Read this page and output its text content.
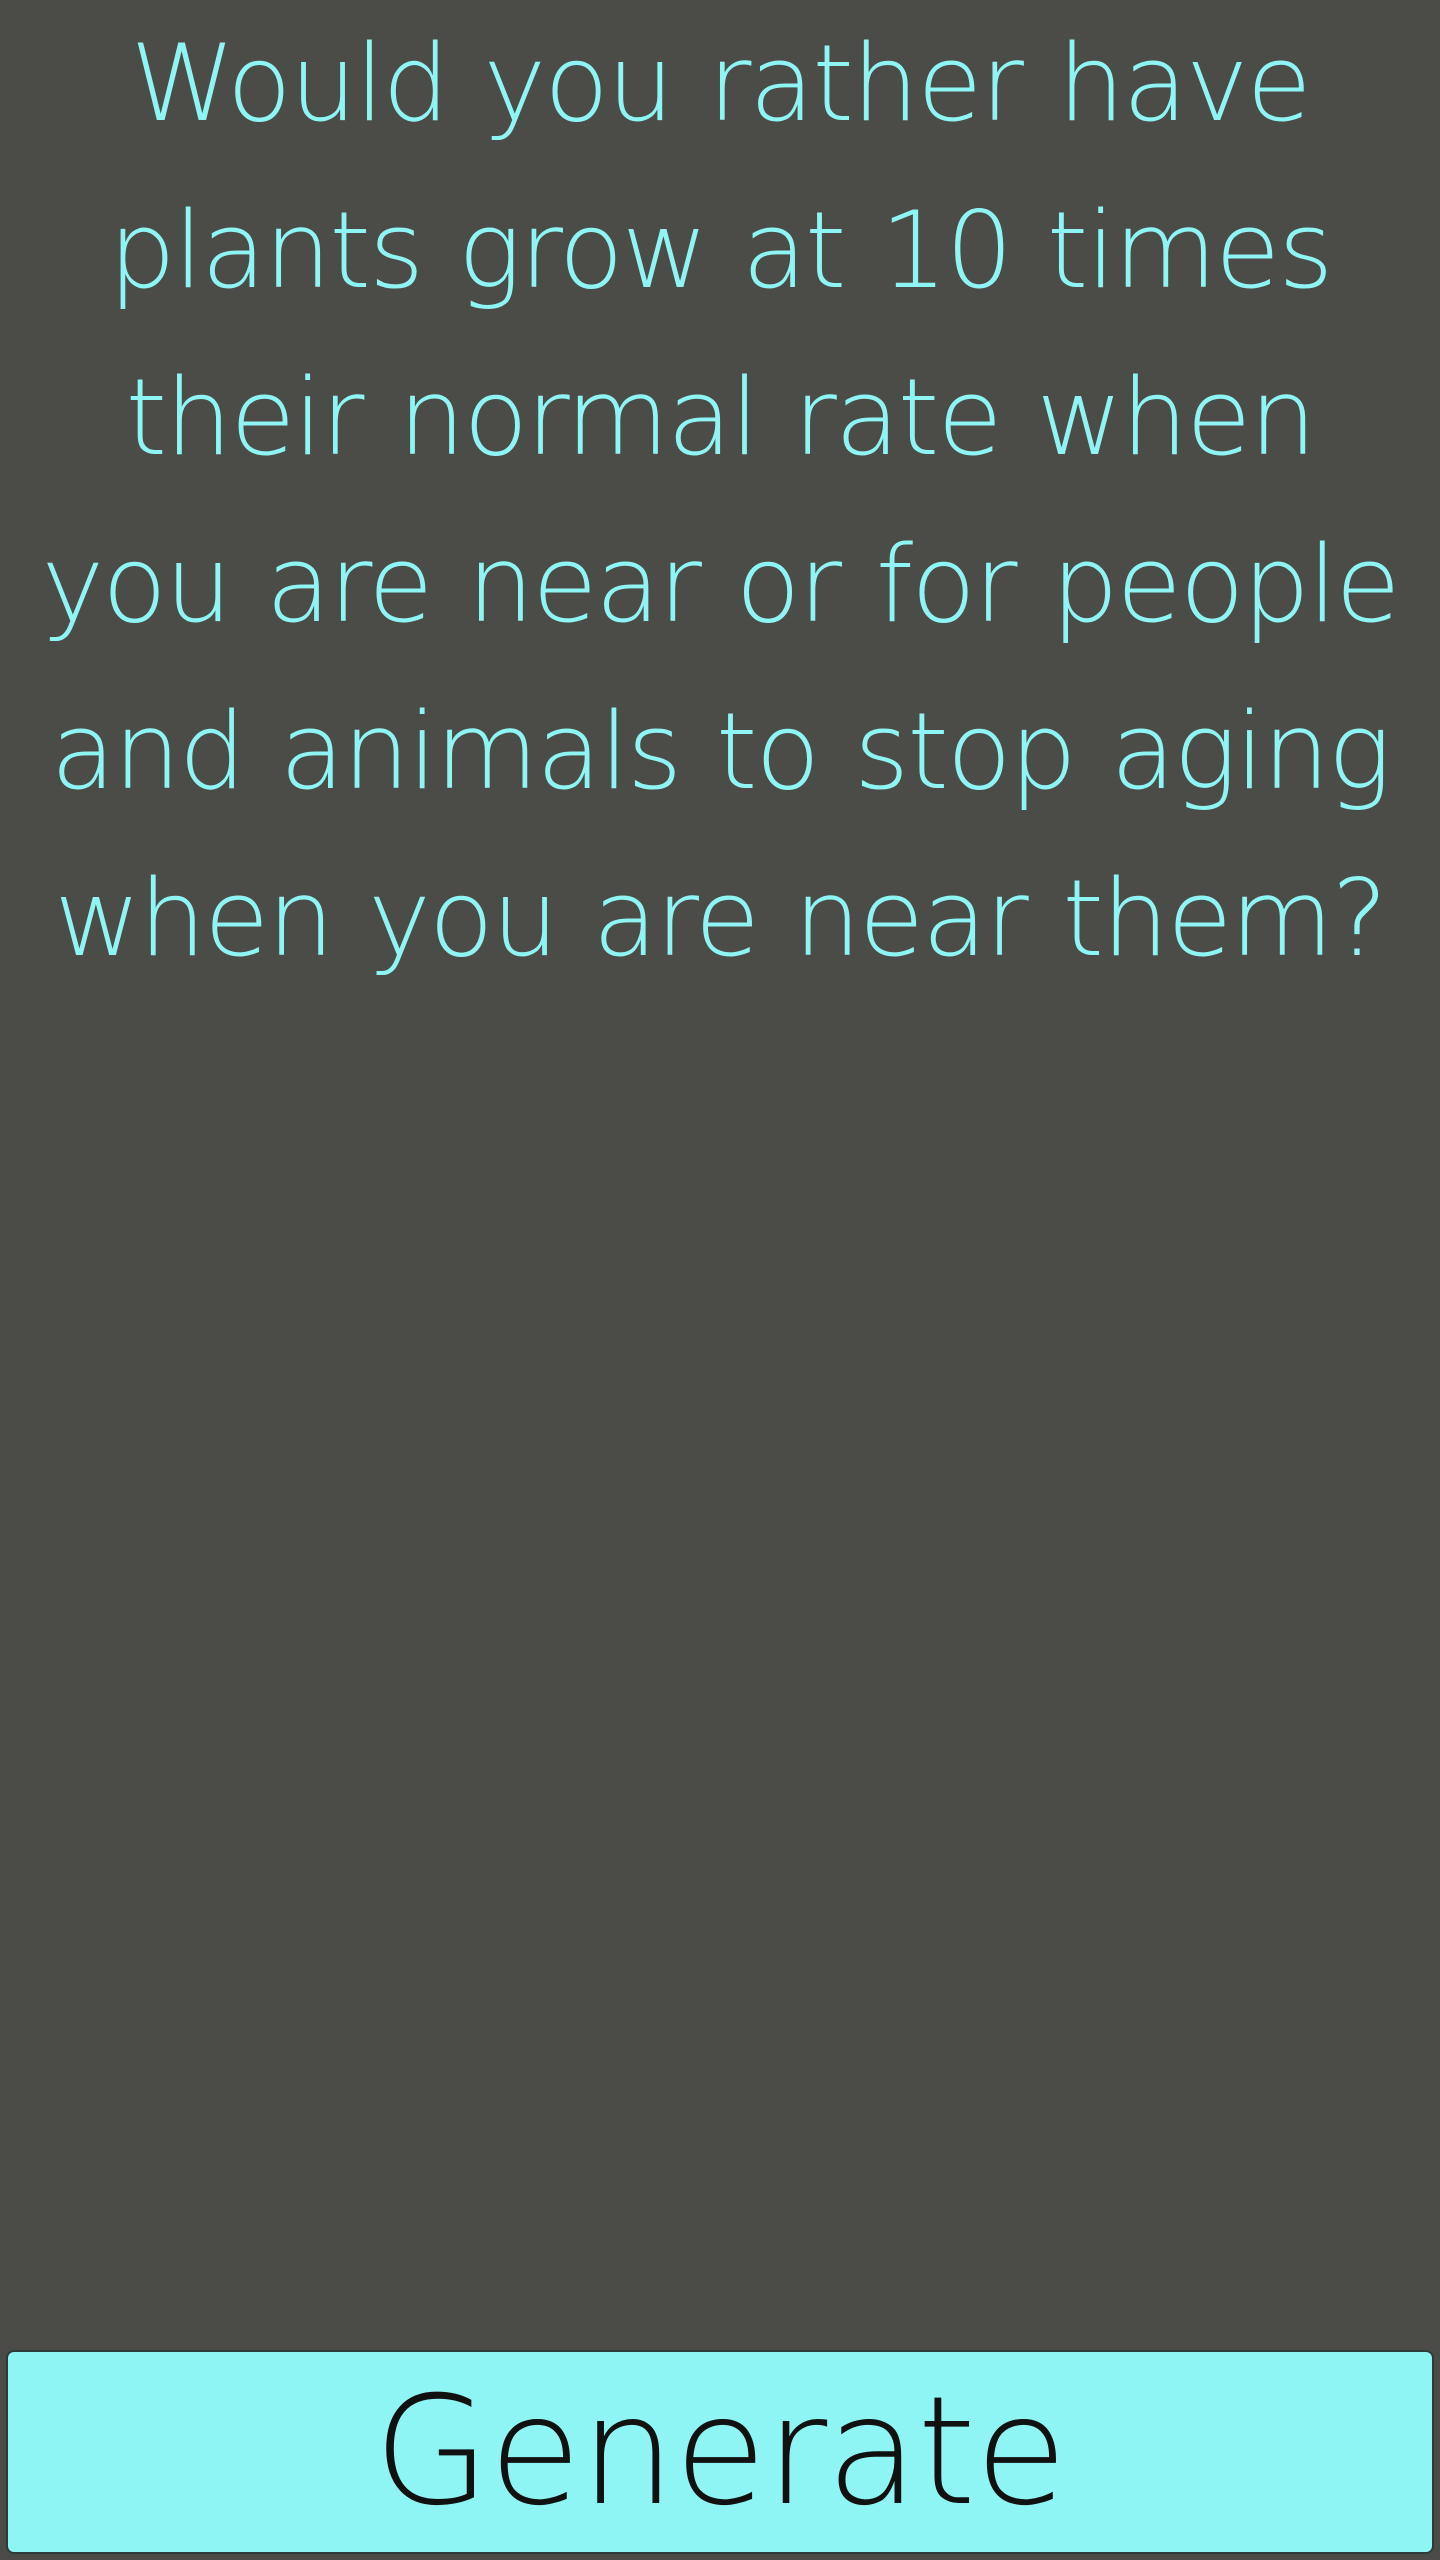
Would you rather have plants grow at 10 times their normal rate when you are near or for people and animals to stop aging when you are near them?

Generate
